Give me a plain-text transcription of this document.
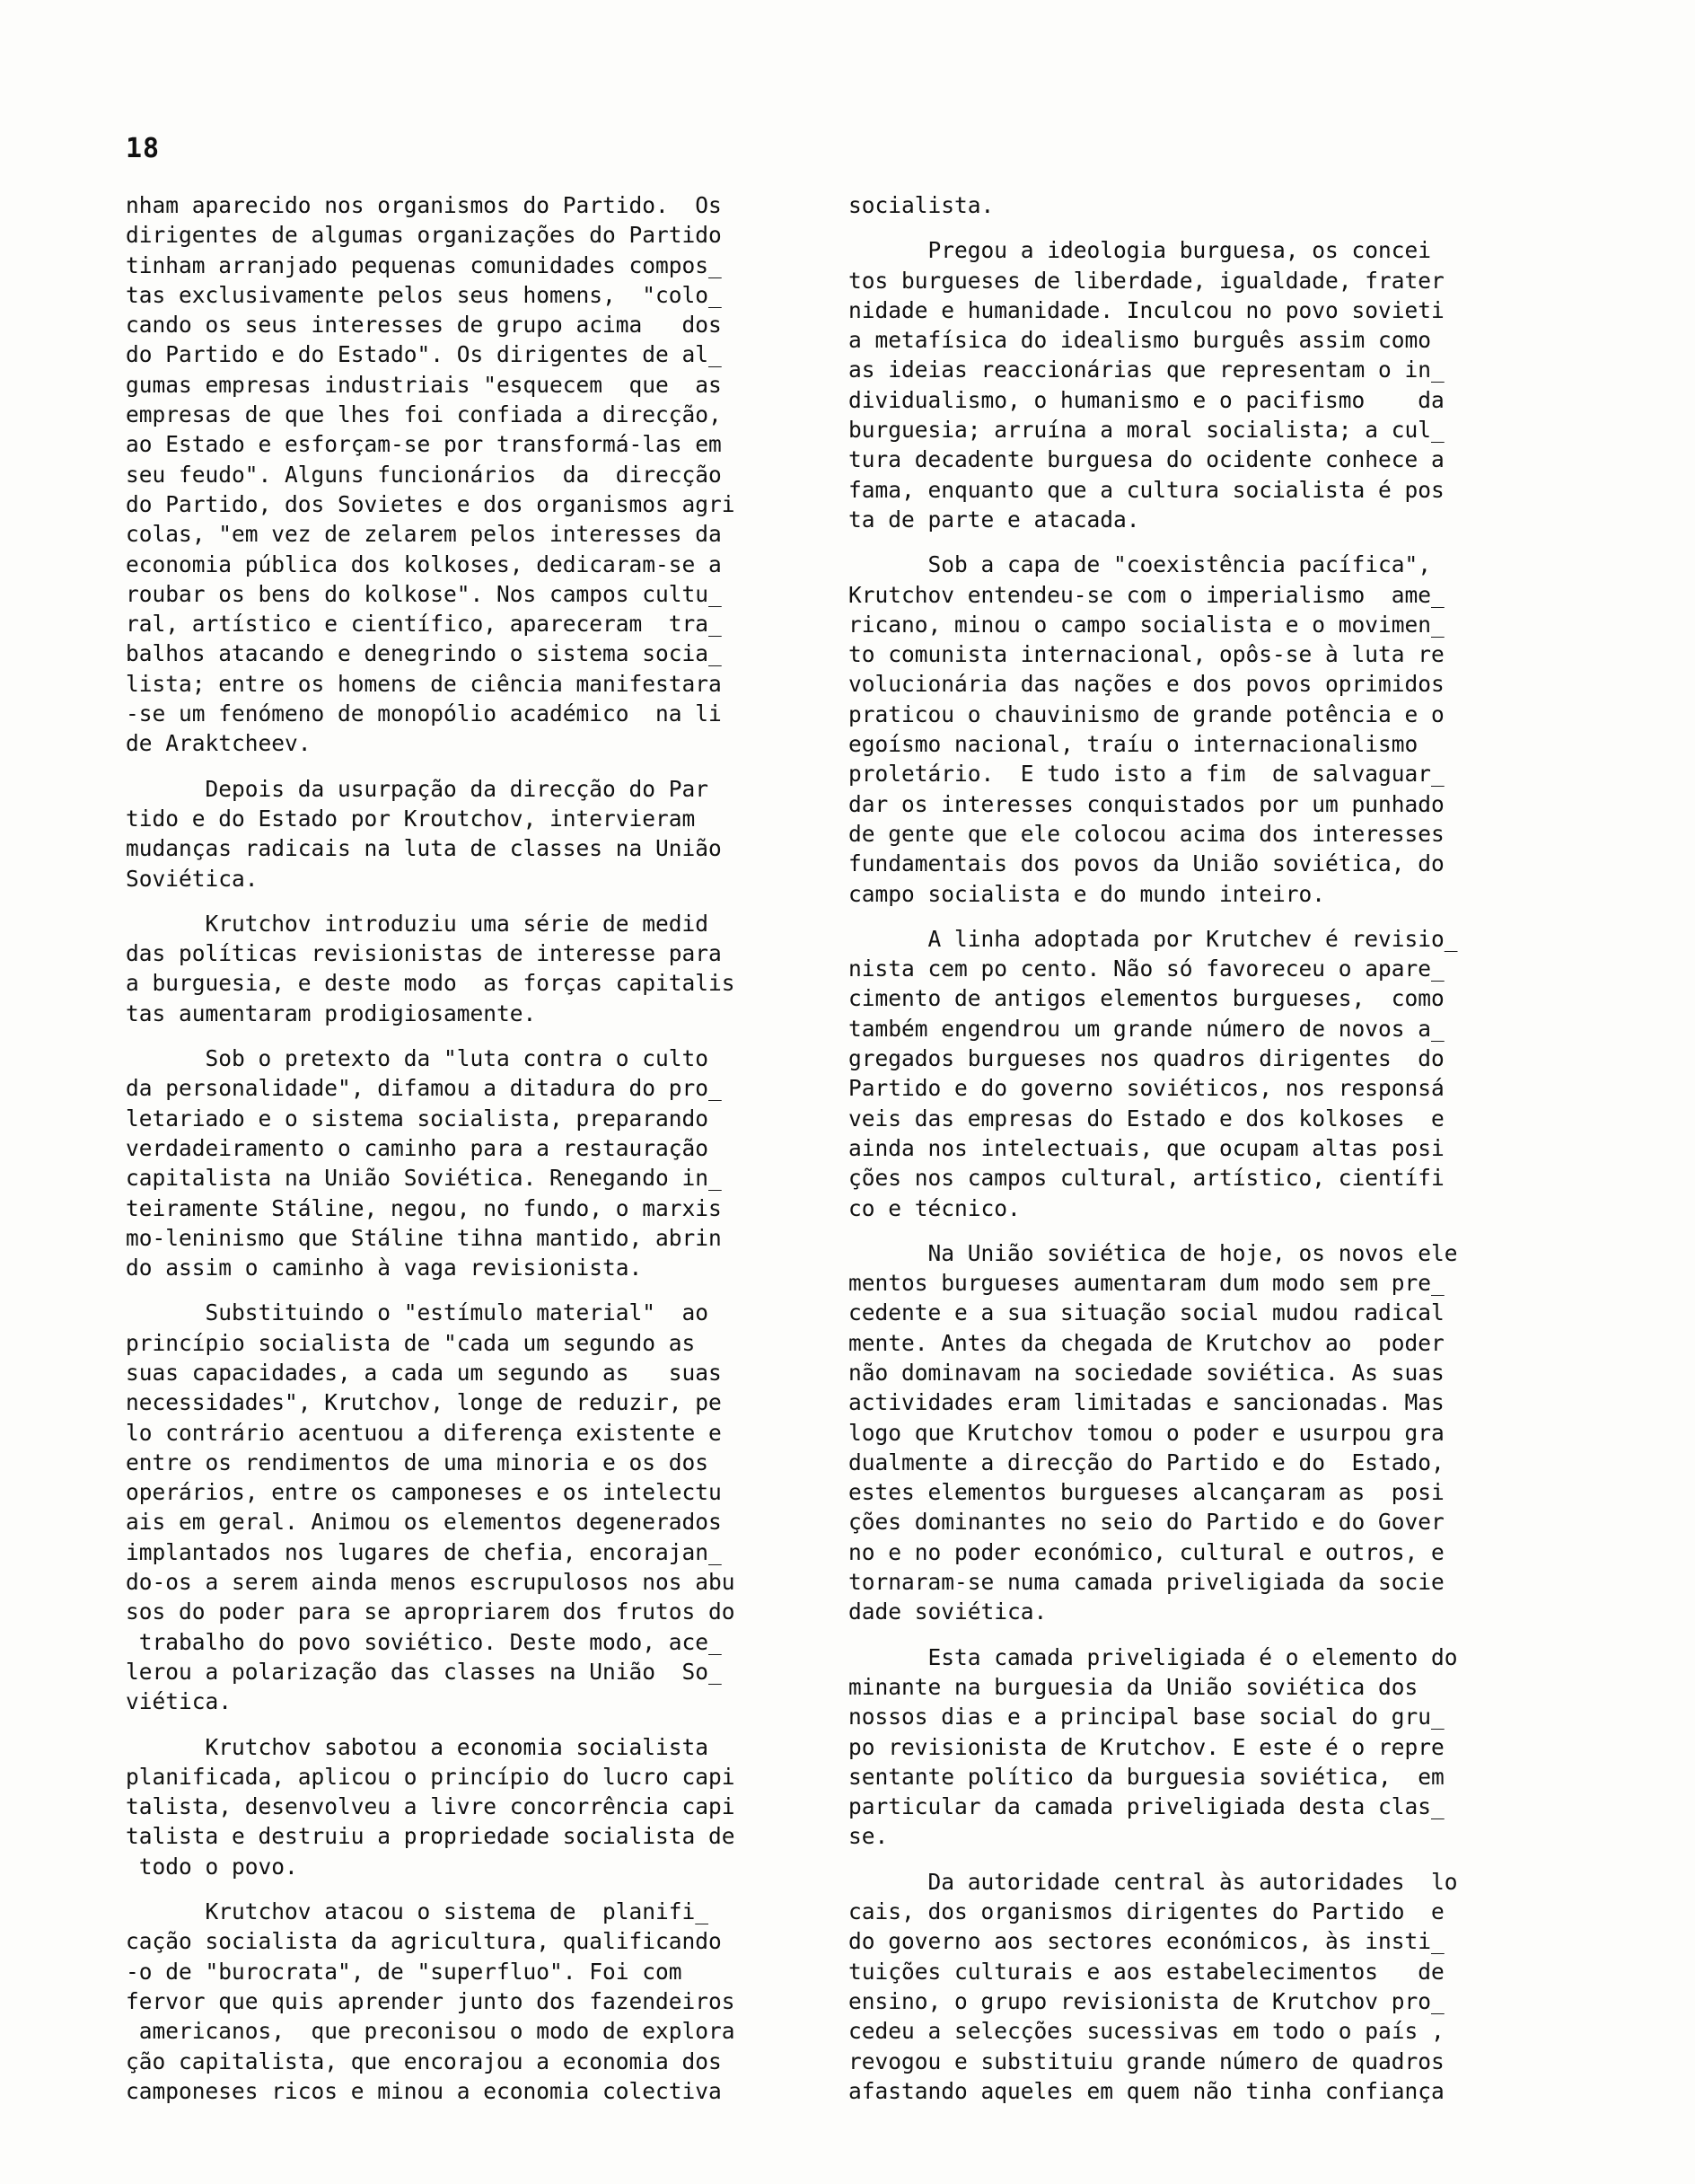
18
nham aparecido nos organismos do Partido.  Os
dirigentes de algumas organizações do Partido
tinham arranjado pequenas comunidades compos_
tas exclusivamente pelos seus homens,  "colo_
cando os seus interesses de grupo acima   dos
do Partido e do Estado". Os dirigentes de al_
gumas empresas industriais "esquecem  que  as
empresas de que lhes foi confiada a direcção,
ao Estado e esforçam-se por transformá-las em
seu feudo". Alguns funcionários  da  direcção
do Partido, dos Sovietes e dos organismos agri
colas, "em vez de zelarem pelos interesses da
economia pública dos kolkoses, dedicaram-se a
roubar os bens do kolkose". Nos campos cultu_
ral, artístico e científico, apareceram  tra_
balhos atacando e denegrindo o sistema socia_
lista; entre os homens de ciência manifestara
-se um fenómeno de monopólio académico  na li
de Araktcheev.
Depois da usurpação da direcção do Par
tido e do Estado por Kroutchov, intervieram
mudanças radicais na luta de classes na União
Soviética.
Krutchov introduziu uma série de medid
das políticas revisionistas de interesse para
a burguesia, e deste modo  as forças capitalis
tas aumentaram prodigiosamente.
Sob o pretexto da "luta contra o culto
da personalidade", difamou a ditadura do pro_
letariado e o sistema socialista, preparando
verdadeiramento o caminho para a restauração
capitalista na União Soviética. Renegando in_
teiramente Stáline, negou, no fundo, o marxis
mo-leninismo que Stáline tihna mantido, abrin
do assim o caminho à vaga revisionista.
Substituindo o "estímulo material"  ao
princípio socialista de "cada um segundo as
suas capacidades, a cada um segundo as   suas
necessidades", Krutchov, longe de reduzir, pe
lo contrário acentuou a diferença existente e
entre os rendimentos de uma minoria e os dos
operários, entre os camponeses e os intelectu
ais em geral. Animou os elementos degenerados
implantados nos lugares de chefia, encorajan_
do-os a serem ainda menos escrupulosos nos abu
sos do poder para se apropriarem dos frutos do
trabalho do povo soviético. Deste modo, ace_
lerou a polarização das classes na União  So_
viética.
Krutchov sabotou a economia socialista
planificada, aplicou o princípio do lucro capi
talista, desenvolveu a livre concorrência capi
talista e destruiu a propriedade socialista de
todo o povo.
Krutchov atacou o sistema de  planifi_
cação socialista da agricultura, qualificando
-o de "burocrata", de "superfluo". Foi com
fervor que quis aprender junto dos fazendeiros
americanos,  que preconisou o modo de explora
ção capitalista, que encorajou a economia dos
camponeses ricos e minou a economia colectiva
socialista.
Pregou a ideologia burguesa, os concei
tos burgueses de liberdade, igualdade, frater
nidade e humanidade. Inculcou no povo sovieti
a metafísica do idealismo burguês assim como
as ideias reaccionárias que representam o in_
dividualismo, o humanismo e o pacifismo    da
burguesia; arruína a moral socialista; a cul_
tura decadente burguesa do ocidente conhece a
fama, enquanto que a cultura socialista é pos
ta de parte e atacada.
Sob a capa de "coexistência pacífica",
Krutchov entendeu-se com o imperialismo  ame_
ricano, minou o campo socialista e o movimen_
to comunista internacional, opôs-se à luta re
volucionária das nações e dos povos oprimidos
praticou o chauvinismo de grande potência e o
egoísmo nacional, traíu o internacionalismo
proletário.  E tudo isto a fim  de salvaguar_
dar os interesses conquistados por um punhado
de gente que ele colocou acima dos interesses
fundamentais dos povos da União soviética, do
campo socialista e do mundo inteiro.
A linha adoptada por Krutchev é revisio_
nista cem po cento. Não só favoreceu o apare_
cimento de antigos elementos burgueses,  como
também engendrou um grande número de novos a_
gregados burgueses nos quadros dirigentes  do
Partido e do governo soviéticos, nos responsá
veis das empresas do Estado e dos kolkoses  e
ainda nos intelectuais, que ocupam altas posi
ções nos campos cultural, artístico, científi
co e técnico.
Na União soviética de hoje, os novos ele
mentos burgueses aumentaram dum modo sem pre_
cedente e a sua situação social mudou radical
mente. Antes da chegada de Krutchov ao  poder
não dominavam na sociedade soviética. As suas
actividades eram limitadas e sancionadas. Mas
logo que Krutchov tomou o poder e usurpou gra
dualmente a direcção do Partido e do  Estado,
estes elementos burgueses alcançaram as  posi
ções dominantes no seio do Partido e do Gover
no e no poder económico, cultural e outros, e
tornaram-se numa camada priveligiada da socie
dade soviética.
Esta camada priveligiada é o elemento do
minante na burguesia da União soviética dos
nossos dias e a principal base social do gru_
po revisionista de Krutchov. E este é o repre
sentante político da burguesia soviética,  em
particular da camada priveligiada desta clas_
se.
Da autoridade central às autoridades  lo
cais, dos organismos dirigentes do Partido  e
do governo aos sectores económicos, às insti_
tuições culturais e aos estabelecimentos   de
ensino, o grupo revisionista de Krutchov pro_
cedeu a selecções sucessivas em todo o país ,
revogou e substituiu grande número de quadros
afastando aqueles em quem não tinha confiança
